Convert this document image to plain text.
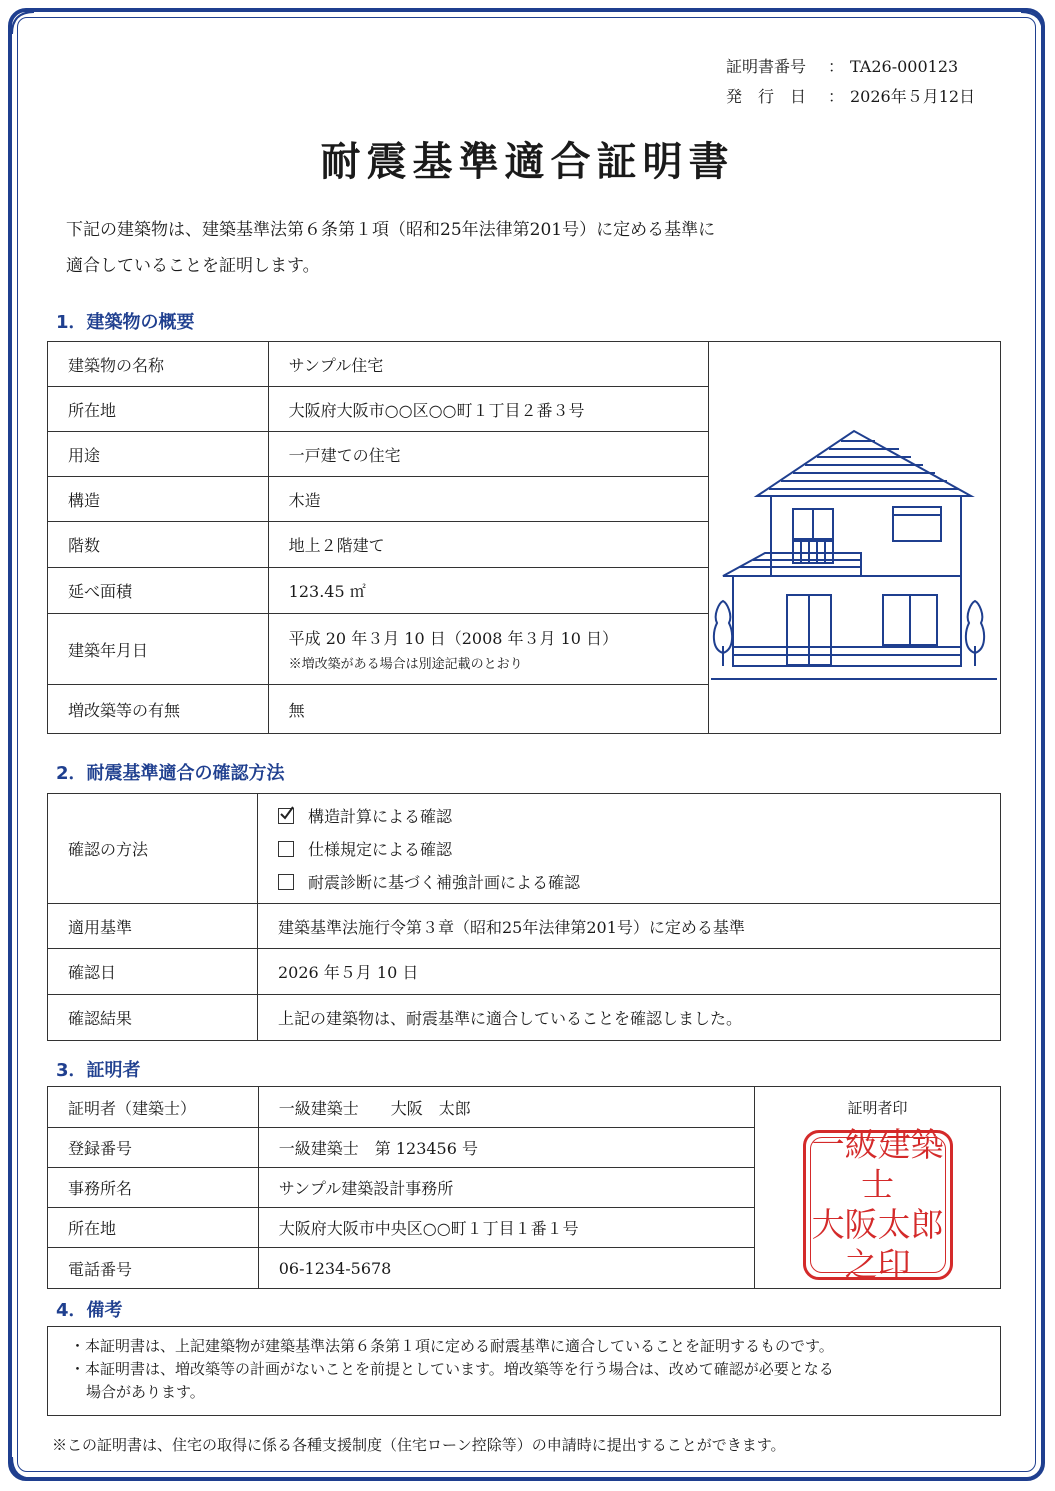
証明書番号	： TA26-000123
発　行　日	： 2026年５月12日
耐震基準適合証明書
下記の建築物は、建築基準法第６条第１項（昭和25年法律第201号）に定める基準に
適合していることを証明します。
1．建築物の概要
建築物の名称	サンプル住宅	
所在地	大阪府大阪市○○区○○町１丁目２番３号	
用途	一戸建ての住宅	
構造	木造	
階数	地上２階建て	
延べ面積	123.45 ㎡	
建築年月日	平成 20 年３月 10 日（2008 年３月 10 日）
※増改築がある場合は別途記載のとおり	

増改築等の有無	無	
2．耐震基準適合の確認方法
確認の方法	構造計算による確認
仕様規定による確認
耐震診断に基づく補強計画による確認

適用基準	建築基準法施行令第３章（昭和25年法律第201号）に定める基準
確認日	2026 年５月 10 日
確認結果	上記の建築物は、耐震基準に適合していることを確認しました。
3．証明者
証明者（建築士）	一級建築士　　大阪　太郎	証明者印
一級建築士
大阪太郎
之印

登録番号	一級建築士　第 123456 号	
事務所名	サンプル建築設計事務所	
所在地	大阪府大阪市中央区○○町１丁目１番１号	
電話番号	06-1234-5678	
4．備考
・本証明書は、上記建築物が建築基準法第６条第１項に定める耐震基準に適合していることを証明するものです。
・本証明書は、増改築等の計画がないことを前提としています。増改築等を行う場合は、改めて確認が必要となる
場合があります。
※この証明書は、住宅の取得に係る各種支援制度（住宅ローン控除等）の申請時に提出することができます。
